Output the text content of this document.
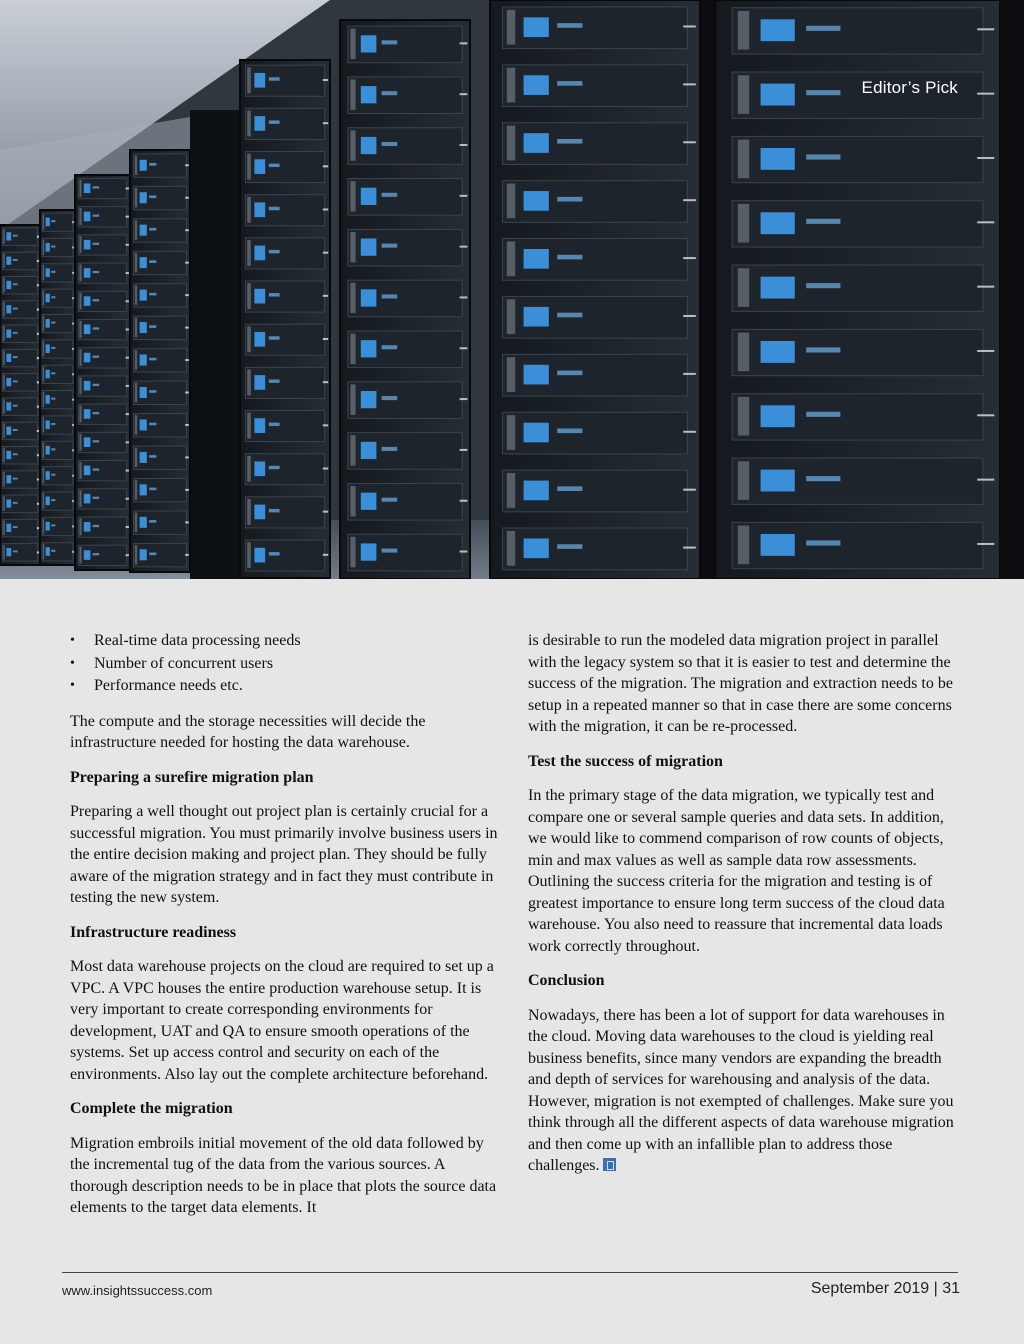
Editor’s Pick
• Real-time data processing needs
• Number of concurrent users
• Performance needs etc.

The compute and the storage necessities will decide the infrastructure needed for hosting the data warehouse.

Preparing a surefire migration plan

Preparing a well thought out project plan is certainly crucial for a successful migration. You must primarily involve business users in the entire decision making and project plan. They should be fully aware of the migration strategy and in fact they must contribute in testing the new system.

Infrastructure readiness

Most data warehouse projects on the cloud are required to set up a VPC. A VPC houses the entire production warehouse setup. It is very important to create corresponding environments for development, UAT and QA to ensure smooth operations of the systems. Set up access control and security on each of the environments. Also lay out the complete architecture beforehand.

Complete the migration

Migration embroils initial movement of the old data followed by the incremental tug of the data from the various sources. A thorough description needs to be in place that plots the source data elements to the target data elements. It

is desirable to run the modeled data migration project in parallel with the legacy system so that it is easier to test and determine the success of the migration. The migration and extraction needs to be setup in a repeated manner so that in case there are some concerns with the migration, it can be re-processed.

Test the success of migration

In the primary stage of the data migration, we typically test and compare one or several sample queries and data sets. In addition, we would like to commend comparison of row counts of objects, min and max values as well as sample data row assessments. Outlining the success criteria for the migration and testing is of greatest importance to ensure long term success of the cloud data warehouse. You also need to reassure that incremental data loads work correctly throughout.

Conclusion

Nowadays, there has been a lot of support for data warehouses in the cloud. Moving data warehouses to the cloud is yielding real business benefits, since many vendors are expanding the breadth and depth of services for warehousing and analysis of the data. However, migration is not exempted of challenges. Make sure you think through all the different aspects of data warehouse migration and then come up with an infallible plan to address those challenges.

www.insightssuccess.com	September 2019 | 31
